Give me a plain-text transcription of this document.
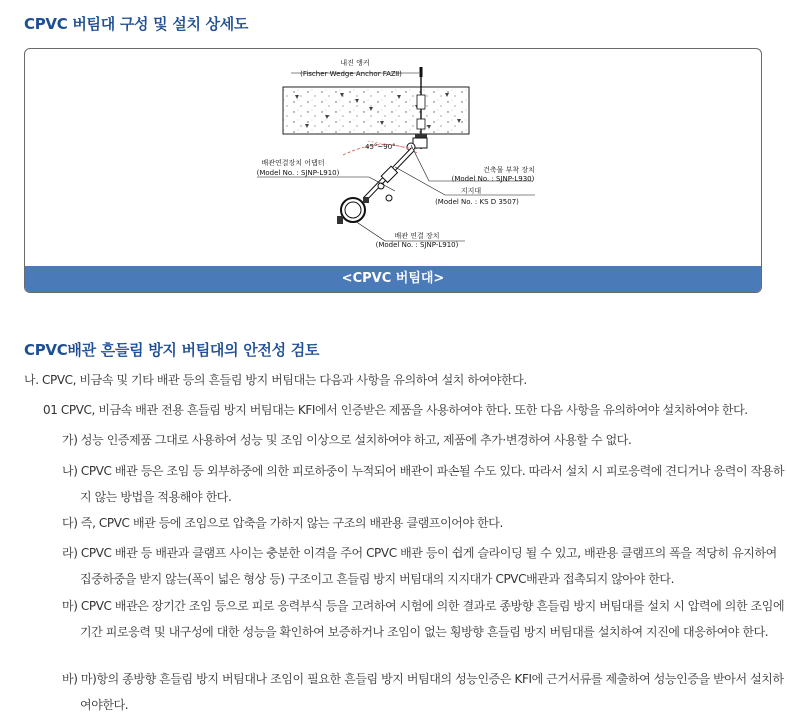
CPVC 버팀대 구성 및 설치 상세도
내진 앵커
(Fischer Wedge Anchor FAZⅡ)
배관연결장치 어댑터
(Model No. : SJNP-L910)
45°~90°
건축물 부착 장치
(Model No. : SJNP-L930)
지지대
(Model No. : KS D 3507)
배관 연결 장치
(Model No. : SJNP-L910)
<CPVC 버팀대>
CPVC배관 흔들림 방지 버팀대의 안전성 검토
나. CPVC, 비금속 및 기타 배관 등의 흔들림 방지 버팀대는 다음과 사항을 유의하여 설치 하여야한다.
01 CPVC, 비금속 배관 전용 흔들림 방지 버팀대는 KFI에서 인증받은 제품을 사용하여야 한다. 또한 다음 사항을 유의하여야 설치하여야 한다.
가) 성능 인증제품 그대로 사용하여 성능 및 조임 이상으로 설치하여야 하고, 제품에 추가·변경하여 사용할 수 없다.
나) CPVC 배관 등은 조임 등 외부하중에 의한 피로하중이 누적되어 배관이 파손될 수도 있다. 따라서 설치 시 피로응력에 견디거나 응력이 작용하지 않는 방법을 적용해야 한다.
다) 즉, CPVC 배관 등에 조임으로 압축을 가하지 않는 구조의 배관용 클램프이어야 한다.
라) CPVC 배관 등 배관과 클램프 사이는 충분한 이격을 주어 CPVC 배관 등이 쉽게 슬라이딩 될 수 있고, 배관용 클램프의 폭을 적당히 유지하여 집중하중을 받지 않는(폭이 넓은 형상 등) 구조이고 흔들림 방지 버팀대의 지지대가 CPVC배관과 접촉되지 않아야 한다.
마) CPVC 배관은 장기간 조임 등으로 피로 응력부식 등을 고려하여 시험에 의한 결과로 종방향 흔들림 방지 버팀대를 설치 시 압력에 의한 조임에 기간 피로응력 및 내구성에 대한 성능을 확인하여 보증하거나 조임이 없는 횡방향 흔들림 방지 버팀대를 설치하여 지진에 대응하여야 한다.
바) 마)항의 종방향 흔들림 방지 버팀대나 조임이 필요한 흔들림 방지 버팀대의 성능인증은 KFI에 근거서류를 제출하여 성능인증을 받아서 설치하여야한다.
